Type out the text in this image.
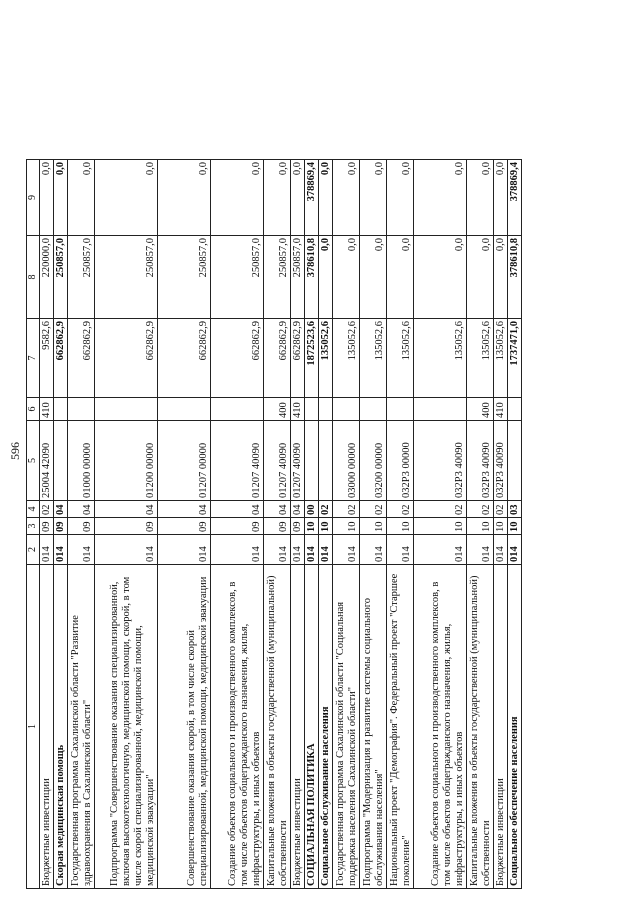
596
1	2	3	4	5	6	7	8	9
Бюджетные инвестиции	014	09	02	25004 42090	410	9582,6	220000,0	0,0
Скорая медицинская помощь	014	09	04			662862,9	250857,0	0,0
Государственная программа Сахалинской области "Развитие здравоохранения в Сахалинской области"	014	09	04	01000 00000		662862,9	250857,0	0,0
Подпрограмма "Совершенствование оказания специализированной, включая высокотехнологичную, медицинской помощи, скорой, в том числе скорой специализированной, медицинской помощи, медицинской эвакуации"	014	09	04	01200 00000		662862,9	250857,0	0,0
Совершенствование оказания скорой, в том числе скорой специализированной, медицинской помощи, медицинской эвакуации	014	09	04	01207 00000		662862,9	250857,0	0,0
Создание объектов социального и производственного комплексов, в том числе объектов общегражданского назначения, жилья, инфраструктуры, и иных объектов	014	09	04	01207 40090		662862,9	250857,0	0,0
Капитальные вложения в объекты государственной (муниципальной) собственности	014	09	04	01207 40090	400	662862,9	250857,0	0,0
Бюджетные инвестиции	014	09	04	01207 40090	410	662862,9	250857,0	0,0
СОЦИАЛЬНАЯ ПОЛИТИКА	014	10	00			1872523,6	378610,8	378869,4
Социальное обслуживание населения	014	10	02			135052,6	0,0	0,0
Государственная программа Сахалинской области "Социальная поддержка населения Сахалинской области"	014	10	02	03000 00000		135052,6	0,0	0,0
Подпрограмма "Модернизация и развитие системы социального обслуживания населения"	014	10	02	03200 00000		135052,6	0,0	0,0
Национальный проект "Демография". Федеральный проект "Старшее поколение"	014	10	02	032Р3 00000		135052,6	0,0	0,0
Создание объектов социального и производственного комплексов, в том числе объектов общегражданского назначения, жилья, инфраструктуры, и иных объектов	014	10	02	032Р3 40090		135052,6	0,0	0,0
Капитальные вложения в объекты государственной (муниципальной) собственности	014	10	02	032Р3 40090	400	135052,6	0,0	0,0
Бюджетные инвестиции	014	10	02	032Р3 40090	410	135052,6	0,0	0,0
Социальное обеспечение населения	014	10	03			1737471,0	378610,8	378869,4
